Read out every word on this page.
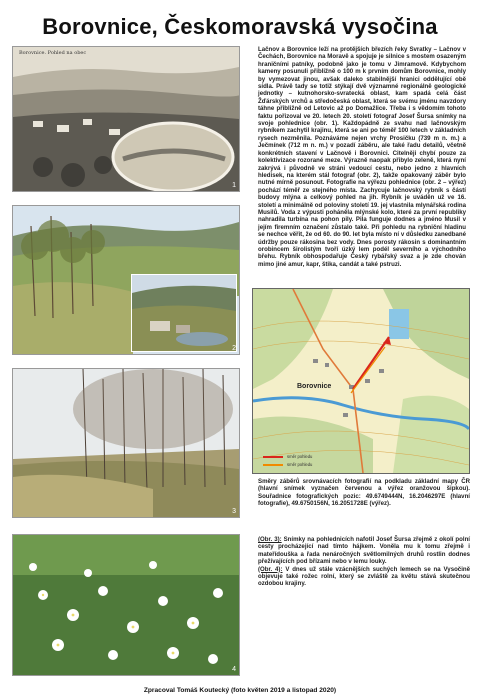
Borovnice, Českomoravská vysočina
Borovnice. Pohled na obec
1
2
3
4

Lačnov a Borovnice leží na protějších březích řeky Svratky – Lačnov v Čechách, Borovnice na Moravě a spojuje je silnice s mostem osazeným hraničními patníky, podobně jako je tomu v Jimramově. Kdybychom kameny posunuli přibližně o 100 m k prvním domům Borovnice, mohly by vymezovat jinou, avšak daleko stabilnější hranici oddělující obě sídla. Právě tady se totiž stýkají dvě významné regionálně geologické jednotky – kutnohorsko-svratecká oblast, kam spadá celá část Žďárských vrchů a středočeská oblast, která se svému jménu navzdory táhne přibližně od Letovic až po Domažlice. Třeba i s vědomím tohoto faktu pořizoval ve 20. letech 20. století fotograf Josef Šursa snímky na svoje pohlednice (obr. 1). Každopádně ze svahu nad lačnovským rybníkem zachytil krajinu, která se ani po téměř 100 letech v základních rysech nezměnila. Poznáváme nejen vrchy Prosičku (739 m n. m.) a Ječmínek (712 m n. m.) v pozadí záběru, ale také řadu detailů, včetně konkrétních stavení v Lačnově i Borovnici. Citelněji chybí pouze za kolektivizace rozorané meze. Výrazně naopak přibylo zeleně, která nyní zakrývá i původně ve stráni vedoucí cestu, nebo jedno z hlavních hledisek, na kterém stál fotograf (obr. 2), takže opakovaný záběr bylo nutné mírně posunout. Fotografie na výřezu pohlednice (obr. 2 – výřez) pochází téměř ze stejného místa. Zachycuje lačnovský rybník s částí budovy mlýna a celkový pohled na jih. Rybník je uváděn už ve 16. století a minimálně od poloviny století 19. jej vlastnila mlynářská rodina Musilů. Voda z výpusti poháněla mlýnské kolo, které za první republiky nahradila turbína na pohon pily. Pila funguje dodnes a jméno Musil v jejím firemním označení zůstalo také. Při pohledu na rybniční hladinu se nechce věřit, že od 60. do 90. let byla místo ní v důsledku zanedbané údržby pouze rákosina bez vody. Dnes porosty rákosin s dominantním orobincem širolistým tvoří úzký lem podél severního a východního břehu. Rybník obhospodařuje Český rybářský svaz a je zde chován mimo jiné amur, kapr, štika, candát a také pstruzi.

Borovnice
směr pohledu
směr pohledu

Směry záběrů srovnávacích fotografií na podkladu základní mapy ČR (hlavní snímek vyznačen červenou a výřez oranžovou šipkou). Souřadnice fotografických pozic: 49.6749444N, 16.2046297E (hlavní fotografie), 49.6750156N, 16.2051728E (výřez).

(Obr. 3): Snímky na pohlednicích nafotil Josef Šursa zřejmě z okolí polní cesty procházející nad tímto hájkem. Voněla mu k tomu zřejmě i mateřídouška a řada nenáročných světlomilných druhů rostlin dodnes přežívajících pod břízami nebo v lemu louky.

(Obr. 4): V dnes už stále vzácnějších suchých lemech se na Vysočině objevuje také rožec rolní, který se zvláště za květu stává skutečnou ozdobou krajiny.

Zpracoval Tomáš Koutecký (foto květen 2019 a listopad 2020)
